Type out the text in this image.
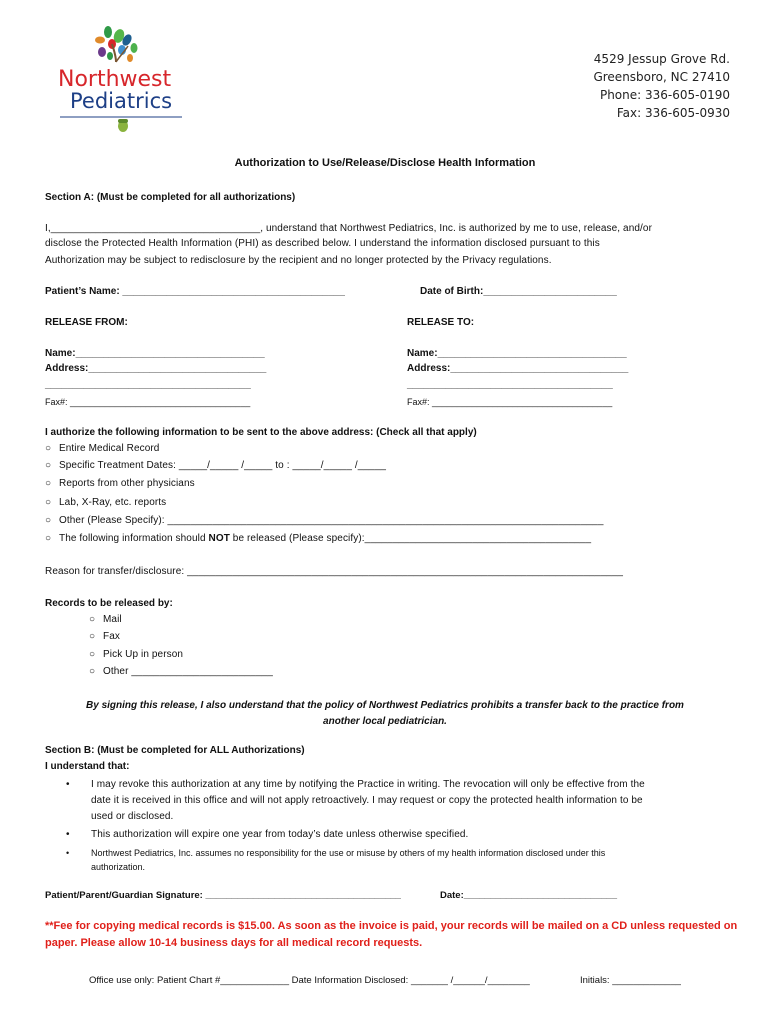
Northwest
Pediatrics
4529 Jessup Grove Rd.
Greensboro, NC 27410
Phone: 336-605-0190
Fax: 336-605-0930
Authorization to Use/Release/Disclose Health Information
Section A: (Must be completed for all authorizations)
I,_____________________________________, understand that Northwest Pediatrics, Inc. is authorized by me to use, release, and/or
disclose the Protected Health Information (PHI) as described below. I understand the information disclosed pursuant to this
Authorization may be subject to redisclosure by the recipient and no longer protected by the Privacy regulations.
Patient’s Name: ________________________________________	Date of Birth:________________________
RELEASE FROM:
Name:__________________________________
Address:________________________________
_____________________________________
Fax#: ____________________________________
RELEASE TO:
Name:__________________________________
Address:________________________________
_____________________________________
Fax#: ____________________________________
I authorize the following information to be sent to the above address: (Check all that apply)
○ Entire Medical Record
○ Specific Treatment Dates: _____/_____ /_____ to : _____/_____ /_____
○ Reports from other physicians
○ Lab, X-Ray, etc. reports
○ Other (Please Specify): _____________________________________________________________________________
○ The following information should NOT be released (Please specify):________________________________________
Reason for transfer/disclosure: _____________________________________________________________________________
Records to be released by:
○ Mail
○ Fax
○ Pick Up in person
○ Other _________________________
By signing this release, I also understand that the policy of Northwest Pediatrics prohibits a transfer back to the practice from
another local pediatrician.
Section B: (Must be completed for ALL Authorizations)
I understand that:
• I may revoke this authorization at any time by notifying the Practice in writing. The revocation will only be effective from the
date it is received in this office and will not apply retroactively. I may request or copy the protected health information to be
used or disclosed.
• This authorization will expire one year from today’s date unless otherwise specified.
• Northwest Pediatrics, Inc. assumes no responsibility for the use or misuse by others of my health information disclosed under this
authorization.
Patient/Parent/Guardian Signature: _____________________________________	Date:_____________________________
**Fee for copying medical records is $15.00. As soon as the invoice is paid, your records will be mailed on a CD unless requested on
paper. Please allow 10-14 business days for all medical record requests.
Office use only: Patient Chart #_____________ Date Information Disclosed: _______ /______/________	Initials: _____________
